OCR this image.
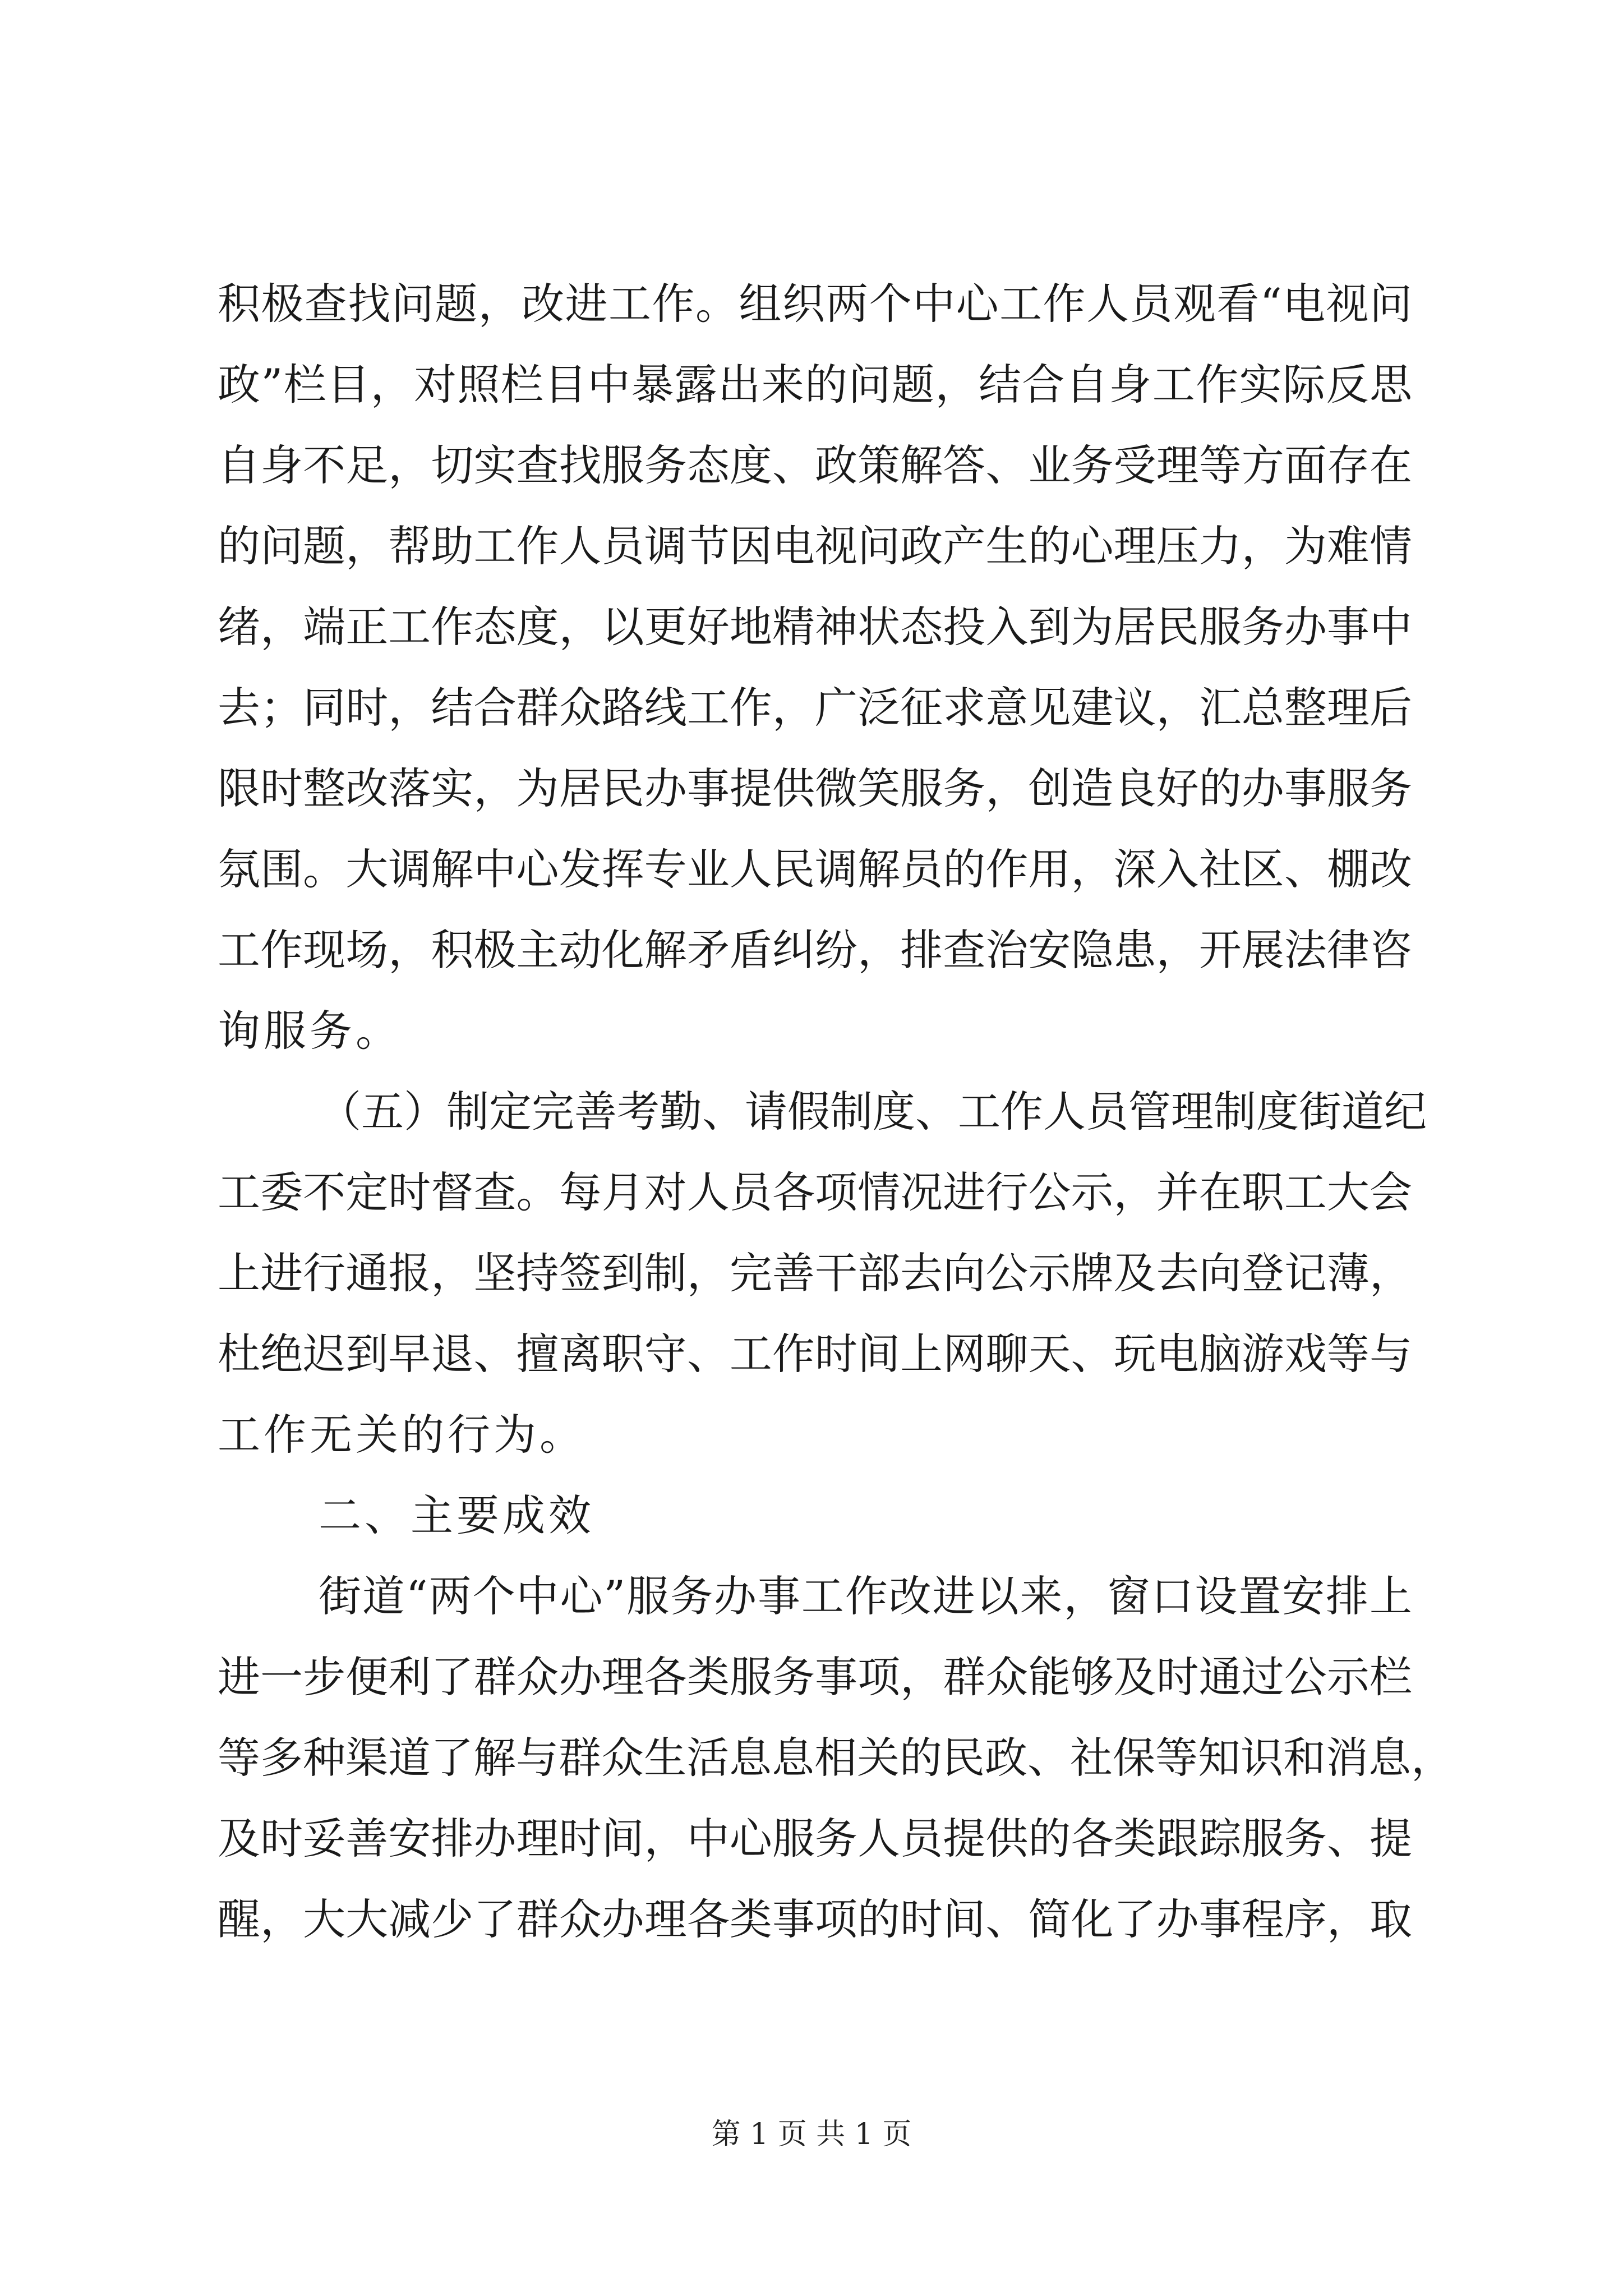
积极查找问题，改进工作。组织两个中心工作人员观看“电视问
政”栏目，对照栏目中暴露出来的问题，结合自身工作实际反思
自身不足，切实查找服务态度、政策解答、业务受理等方面存在
的问题，帮助工作人员调节因电视问政产生的心理压力，为难情
绪，端正工作态度，以更好地精神状态投入到为居民服务办事中
去；同时，结合群众路线工作，广泛征求意见建议，汇总整理后
限时整改落实，为居民办事提供微笑服务，创造良好的办事服务
氛围。大调解中心发挥专业人民调解员的作用，深入社区、棚改
工作现场，积极主动化解矛盾纠纷，排查治安隐患，开展法律咨
询服务。
（五）制定完善考勤、请假制度、工作人员管理制度街道纪
工委不定时督查。每月对人员各项情况进行公示，并在职工大会
上进行通报，坚持签到制，完善干部去向公示牌及去向登记薄，
杜绝迟到早退、擅离职守、工作时间上网聊天、玩电脑游戏等与
工作无关的行为。
二、主要成效
街道“两个中心”服务办事工作改进以来，窗口设置安排上
进一步便利了群众办理各类服务事项，群众能够及时通过公示栏
等多种渠道了解与群众生活息息相关的民政、社保等知识和消息，
及时妥善安排办理时间，中心服务人员提供的各类跟踪服务、提
醒，大大减少了群众办理各类事项的时间、简化了办事程序，取
第 1 页 共 1 页
